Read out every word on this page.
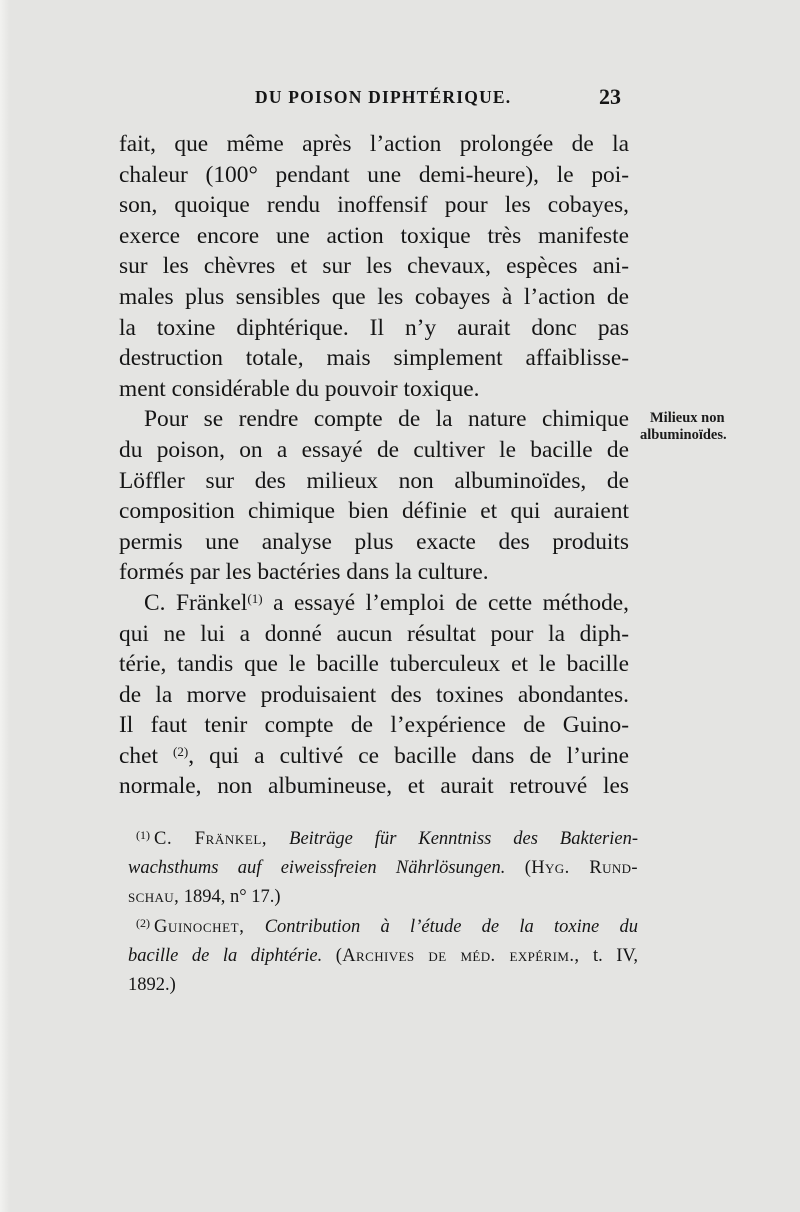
DU POISON DIPHTÉRIQUE.	23
fait, que même après l’action prolongée de la
chaleur (100° pendant une demi-heure), le poi-
son, quoique rendu inoffensif pour les cobayes,
exerce encore une action toxique très manifeste
sur les chèvres et sur les chevaux, espèces ani-
males plus sensibles que les cobayes à l’action de
la toxine diphtérique. Il n’y aurait donc pas
destruction totale, mais simplement affaiblisse-
ment considérable du pouvoir toxique.
Pour se rendre compte de la nature chimique
du poison, on a essayé de cultiver le bacille de
Löffler sur des milieux non albuminoïdes, de
composition chimique bien définie et qui auraient
permis une analyse plus exacte des produits
formés par les bactéries dans la culture.
C. Fränkel$^{(1)}$ a essayé l’emploi de cette méthode,
qui ne lui a donné aucun résultat pour la diph-
térie, tandis que le bacille tuberculeux et le bacille
de la morve produisaient des toxines abondantes.
Il faut tenir compte de l’expérience de Guino-
chet $^{(2)}$, qui a cultivé ce bacille dans de l’urine
normale, non albumineuse, et aurait retrouvé les
Milieux non
albuminoïdes.
$^{(1)}$ C. Fränkel, Beiträge für Kenntniss des Bakterien-
wachsthums auf eiweissfreien Nährlösungen. (Hyg. Rund-
schau, 1894, n° 17.)
$^{(2)}$ Guinochet, Contribution à l’étude de la toxine du
bacille de la diphtérie. (Archives de méd. expérim., t. IV,
1892.)
